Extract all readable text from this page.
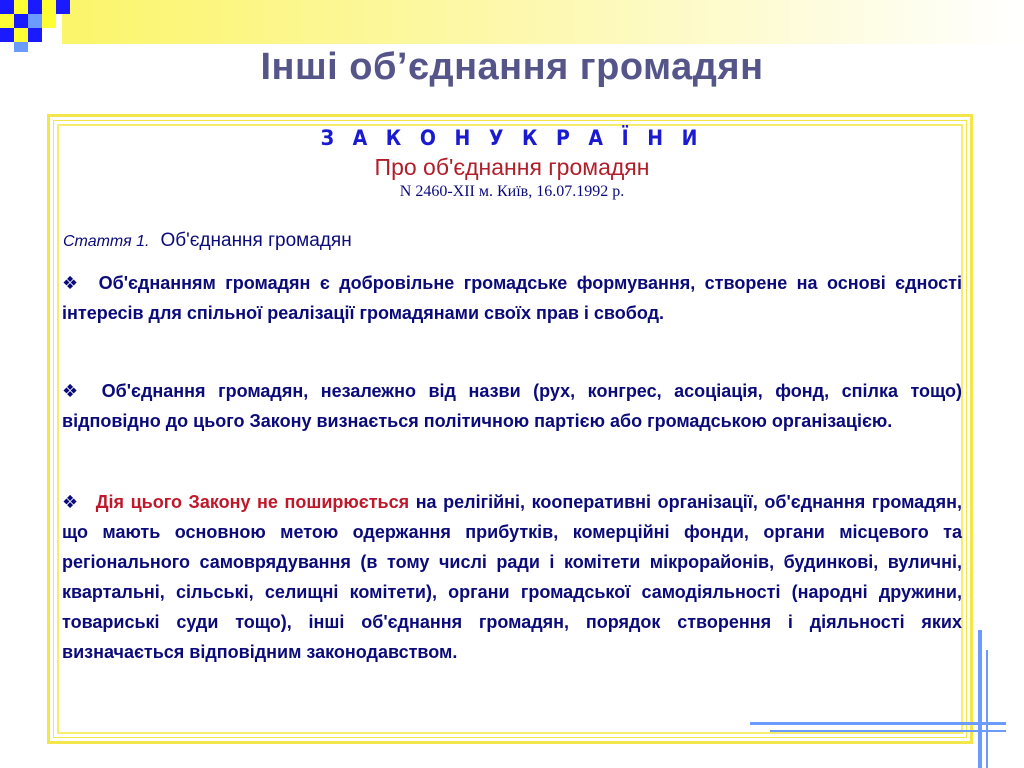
Інші об’єднання громадян
З А К О Н У К Р А Ї Н И
Про об'єднання громадян
N 2460-XII м. Київ, 16.07.1992 р.
Стаття 1. Об'єднання громадян
❖ Об'єднанням громадян є добровільне громадське формування, створене на основі єдності інтересів для спільної реалізації громадянами своїх прав і свобод.
❖ Об'єднання громадян, незалежно від назви (рух, конгрес, асоціація, фонд, спілка тощо) відповідно до цього Закону визнається політичною партією або громадською організацією.
❖ Дія цього Закону не поширюється на релігійні, кооперативні організації, об'єднання громадян, що мають основною метою одержання прибутків, комерційні фонди, органи місцевого та регіонального самоврядування (в тому числі ради і комітети мікрорайонів, будинкові, вуличні, квартальні, сільські, селищні комітети), органи громадської самодіяльності (народні дружини, товариські суди тощо), інші об'єднання громадян, порядок створення і діяльності яких визначається відповідним законодавством.
